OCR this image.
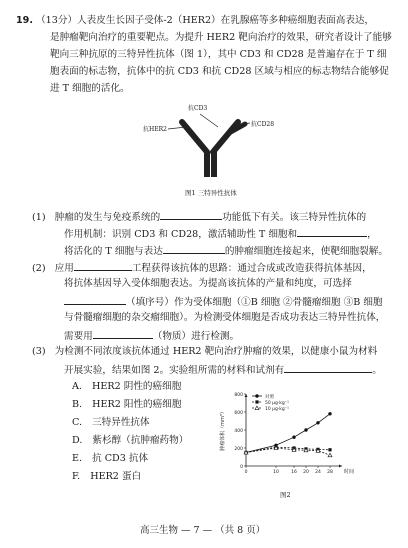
19. （13分）人表皮生长因子受体-2（HER2）在乳腺癌等多种癌细胞表面高表达，
是肿瘤靶向治疗的重要靶点。为提升 HER2 靶向治疗的效果，研究者设计了能够
靶向三种抗原的三特异性抗体（图 1），其中 CD3 和 CD28 是普遍存在于 T 细
胞表面的标志物，抗体中的抗 CD3 和抗 CD28 区域与相应的标志物结合能够促
进 T 细胞的活化。
抗CD3
抗HER2
抗CD28
图1 三特异性抗体
(1) 肿瘤的发生与免疫系统的	功能低下有关。该三特异性抗体的
作用机制：识别 CD3 和 CD28，激活辅助性 T 细胞和	，
将活化的 T 细胞与表达	的肿瘤细胞连接起来，使靶细胞裂解。
(2) 应用	工程获得该抗体的思路：通过合成或改造获得抗体基因，
将抗体基因导入受体细胞表达。为提高该抗体的产量和纯度，可选择
（填序号）作为受体细胞（①B 细胞 ②骨髓瘤细胞 ③B 细胞
与骨髓瘤细胞的杂交瘤细胞）。为检测受体细胞是否成功表达三特异性抗体，
需要用	（物质）进行检测。
(3) 为检测不同浓度该抗体通过 HER2 靶向治疗肿瘤的效果，以健康小鼠为材料
开展实验，结果如图 2。实验组所需的材料和试剂有	。
A. HER2 阴性的癌细胞
B. HER2 阳性的癌细胞
C. 三特异性抗体
D. 紫杉醇（抗肿瘤药物）
E. 抗 CD3 抗体
F. HER2 蛋白
0
200
400
600
800
0	10	16 20 24 28 时间
肿瘤体积（mm³）
对照
50 μg·kg⁻¹
10 μg·kg⁻¹
图2
高三生物 — 7 — （共 8 页）
